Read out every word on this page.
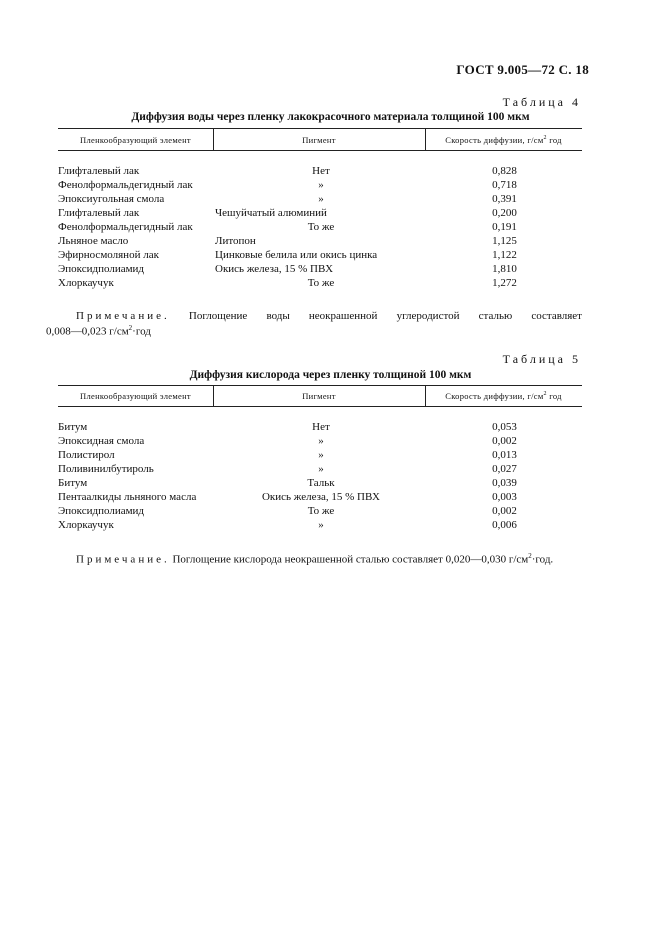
ГОСТ 9.005—72 С. 18
Таблица 4
Диффузия воды через пленку лакокрасочного материала толщиной 100 мкм
Пленкообразующий элемент	Пигмент	Скорость диффузии, $г/см^2$ год
Глифталевый лак	Нет	0,828
Фенолформальдегидный лак	»	0,718
Эпоксиугольная смола	»	0,391
Глифталевый лак	Чешуйчатый алюминий	0,200
Фенолформальдегидный лак	То же	0,191
Льняное масло	Литопон	1,125
Эфирносмоляной лак	Цинковые белила или окись цинка	1,122
Эпоксидполиамид	Окись железа, 15 % ПВХ	1,810
Хлоркаучук	То же	1,272
Примечание. Поглощение воды неокрашенной углеродистой сталью составляет
0,008—0,023 $г/см^2\cdot год$
Таблица 5
Диффузия кислорода через пленку толщиной 100 мкм
Пленкообразующий элемент	Пигмент	Скорость диффузии, $г/см^2$ год
Битум	Нет	0,053
Эпоксидная смола	»	0,002
Полистирол	»	0,013
Поливинилбутироль	»	0,027
Битум	Тальк	0,039
Пентаалкиды льняного масла	Окись железа, 15 % ПВХ	0,003
Эпоксидполиамид	То же	0,002
Хлоркаучук	»	0,006
Примечание. Поглощение кислорода неокрашенной сталью составляет 0,020—0,030 $г/см^2\cdot год$.
